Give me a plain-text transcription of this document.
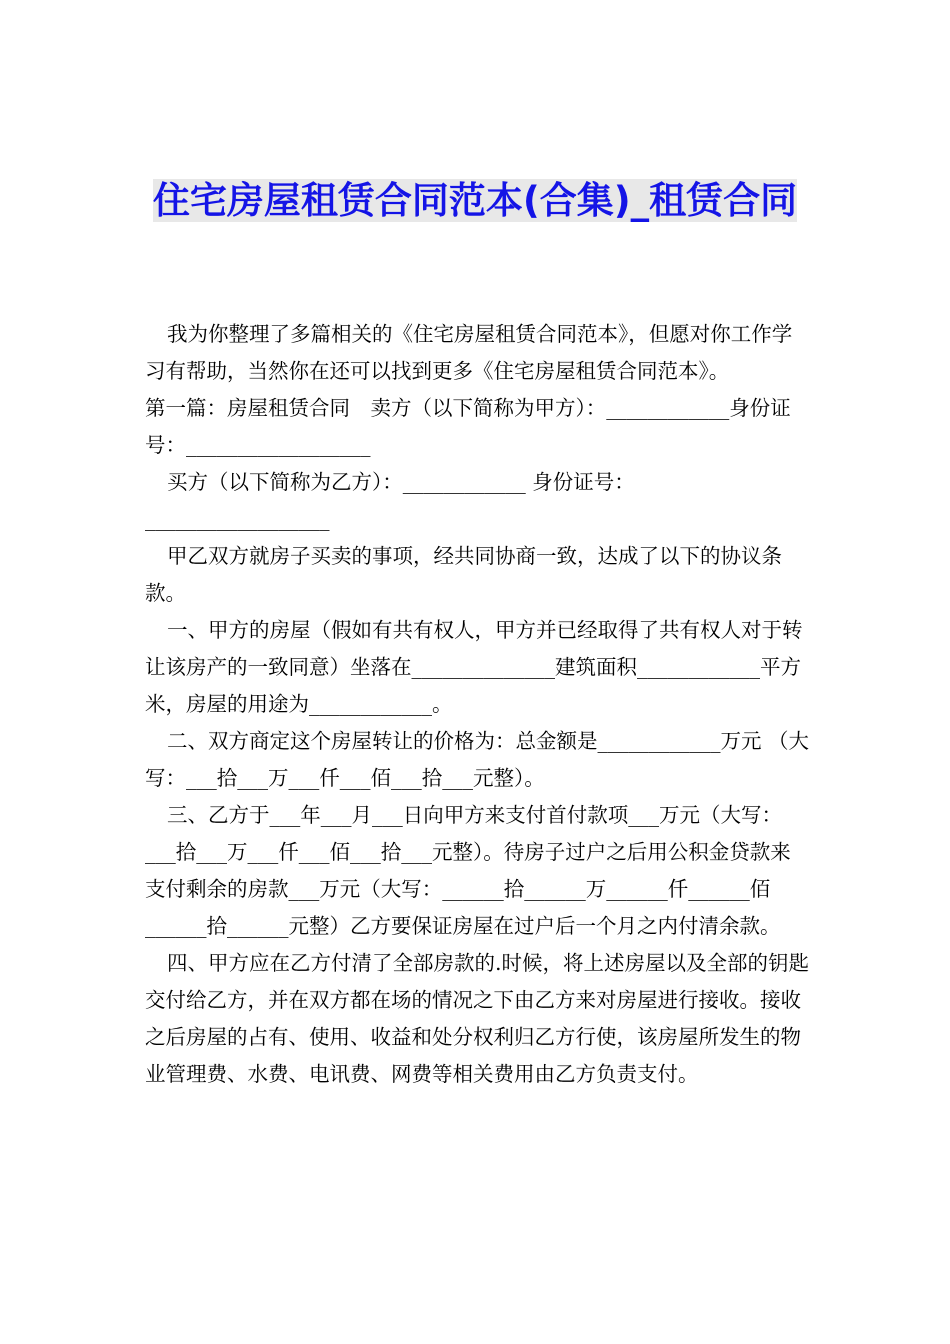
住宅房屋租赁合同范本(合集)_租赁合同

我为你整理了多篇相关的《住宅房屋租赁合同范本》，但愿对你工作学习有帮助，当然你在还可以找到更多《住宅房屋租赁合同范本》。

第一篇：房屋租赁合同　卖方（以下简称为甲方）：____________身份证号：__________________

买方（以下简称为乙方）：____________ 身份证号：__________________

甲乙双方就房子买卖的事项，经共同协商一致，达成了以下的协议条款。

一、甲方的房屋（假如有共有权人，甲方并已经取得了共有权人对于转让该房产的一致同意）坐落在______________建筑面积____________平方米，房屋的用途为____________。

二、双方商定这个房屋转让的价格为：总金额是____________万元 （大写：___拾___万___仟___佰___拾___元整）。

三、乙方于___年___月___日向甲方来支付首付款项___万元（大写：___拾___万___仟___佰___拾___元整）。待房子过户之后用公积金贷款来支付剩余的房款___万元（大写：______拾______万______仟______佰______拾______元整）乙方要保证房屋在过户后一个月之内付清余款。

四、甲方应在乙方付清了全部房款的.时候，将上述房屋以及全部的钥匙交付给乙方，并在双方都在场的情况之下由乙方来对房屋进行接收。接收之后房屋的占有、使用、收益和处分权利归乙方行使，该房屋所发生的物业管理费、水费、电讯费、网费等相关费用由乙方负责支付。
